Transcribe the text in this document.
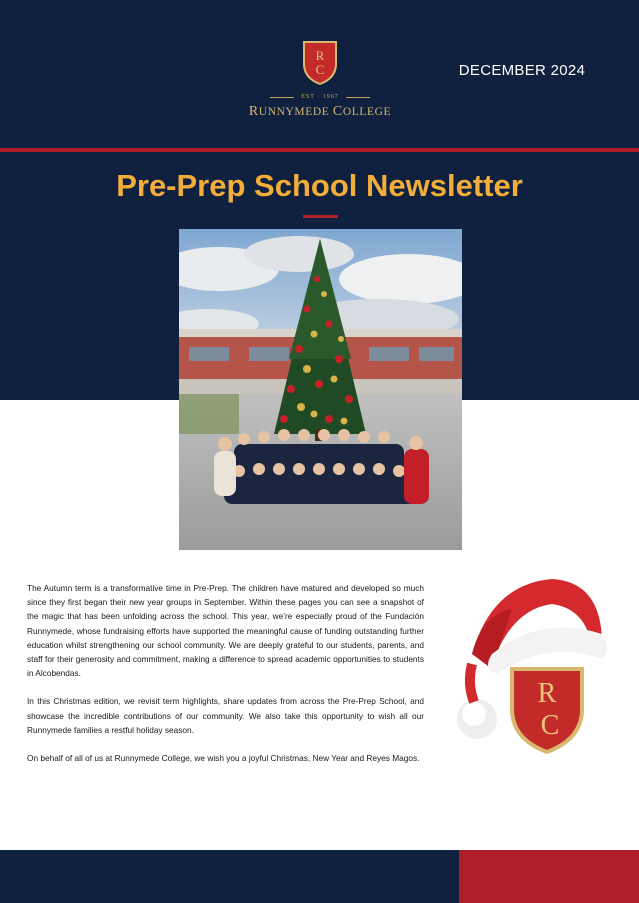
R
C
EST · 1967
RUNNYMEDE COLLEGE
DECEMBER 2024
Pre-Prep School Newsletter

The Autumn term is a transformative time in Pre-Prep. The children have matured and developed so much since they first began their new year groups in September. Within these pages you can see a snapshot of the magic that has been unfolding across the school. This year, we’re especially proud of the Fundación Runnymede, whose fundraising efforts have supported the meaningful cause of funding outstanding further education whilst strengthening our school community. We are deeply grateful to our students, parents, and staff for their generosity and commitment, making a difference to spread academic opportunities to students in Alcobendas.

In this Christmas edition, we revisit term highlights, share updates from across the Pre-Prep School, and showcase the incredible contributions of our community. We also take this opportunity to wish all our Runnymede families a restful holiday season.

On behalf of all of us at Runnymede College, we wish you a joyful Christmas, New Year and Reyes Magos.

R
C
